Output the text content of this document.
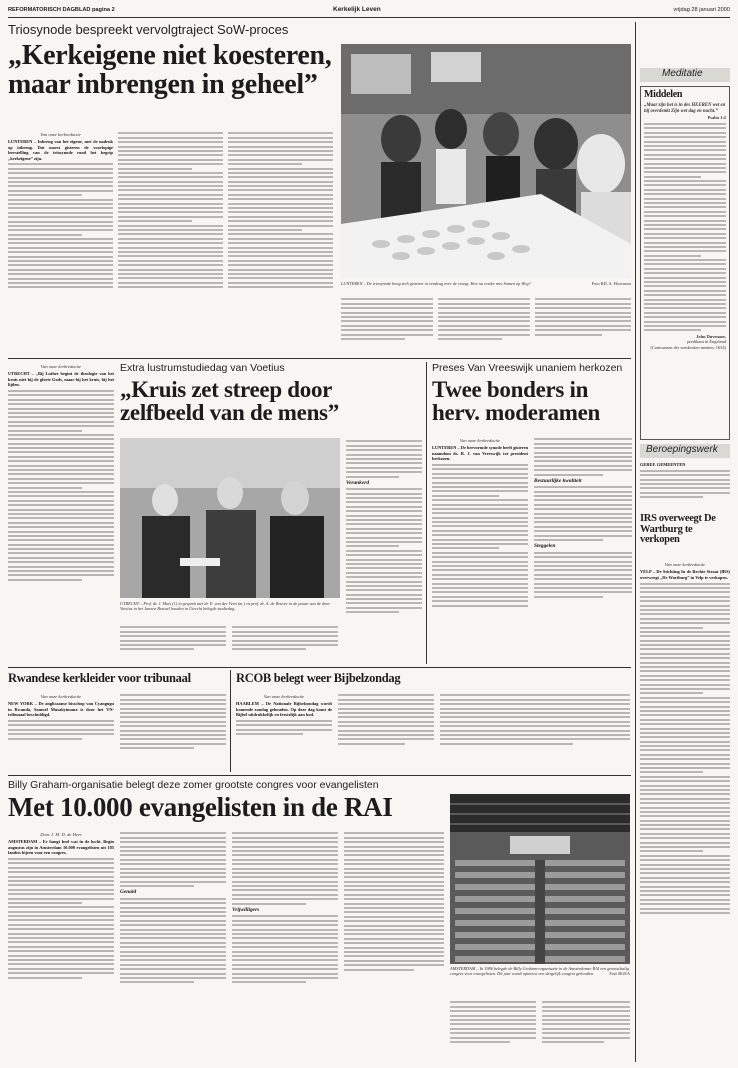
REFORMATORISCH DAGBLAD pagina 2	Kerkelijk Leven	vrijdag 28 januari 2000
Triosynode bespreekt vervolgtraject SoW-proces
„Kerkeigene niet koesteren, maar inbrengen in geheel”
Van onze kerkredactie

LUNTEREN – Inbreng van het eigene, met de nadruk op inbreng. Dat moest gisteren de voorlopige leerstelling van de triosynode rond het begrip „kerkeigene” zijn.

LUNTEREN – De triosynode hoog zich gisteren in eendrag over de vraag: Hoe nu verder met Samen op Weg?	Foto RD, A. Hoornstra
Meditatie
Middelen
„Maar zijn het is in des HEEREN wet en hij overdenkt Zijn wet dag en nacht.”
Psalm 1:2
John Duvenaze,
predikant in Engeland
(Contoussen der wenkvulen menten, 1634)
Beroepingswerk
GEREF. GEMEENTEN
IRS overweegt De Wartburg te verkopen
Van onze kerkredactie

VELP – De Stichting In de Rechte Straat (IRS) overweegt „De Wartburg” in Velp te verkopen.

Extra lustrumstudiedag van Voetius
„Kruis zet streep door zelfbeeld van de mens”
Van onze kerkredactie

UTRECHT – „Bij Luther begint de theologie van het kruis niet bij de glorie Gods, maar bij het kruis, bij het lijden.

UTRECHT – Prof. dr. J. Muis (l.) in gesprek met dr. E. van der Veen (m.) en prof. dr. A. de Reuver in de pauze van de door Voetius in het Jansen Bestuel houden in Utrecht belegde studiedag.
Verankerd
Preses Van Vreeswijk unaniem herkozen
Twee bonders in herv. moderamen
Van onze kerkredactie

LUNTEREN – De hervormde synode heeft gisteren naamdom ds. R. J. van Vreeswijk tot president herkozen.

Bestuurlijke kwaliteit
Steggelen
Rwandese kerkleider voor tribunaal
Van onze kerkredactie

NEW YORK – De anglicaanse bisschop van Cyangugu in Rwanda, Samuel Musabyimana is door het VN-tribunaal beschuldigd.

RCOB belegt weer Bijbelzondag
Van onze kerkredactie

HAARLEM – De Nationale Bijbelzondag wordt komende zondag gehouden. Op deze dag komt de Bijbel uitdrukkelijk en feestelijk aan bod.

Billy Graham-organisatie belegt deze zomer grootste congres voor evangelisten
Met 10.000 evangelisten in de RAI
Door J. M. D. de Heer

AMSTERDAM – Er hangt heel wat in de lucht. Begin augustus zijn in Amsterdam 10.000 evangelisten uit 185 landen bijeen voor een congres.

Genaid
Vrijwilligers
AMSTERDAM – In 1986 belegde de Billy Graham-organisatie in de Amsterdamse RAI een grootschalig congres voor evangelisten. Dit jaar wordt opnieuw een dergelijk congres gehouden.	Foto BGEA
